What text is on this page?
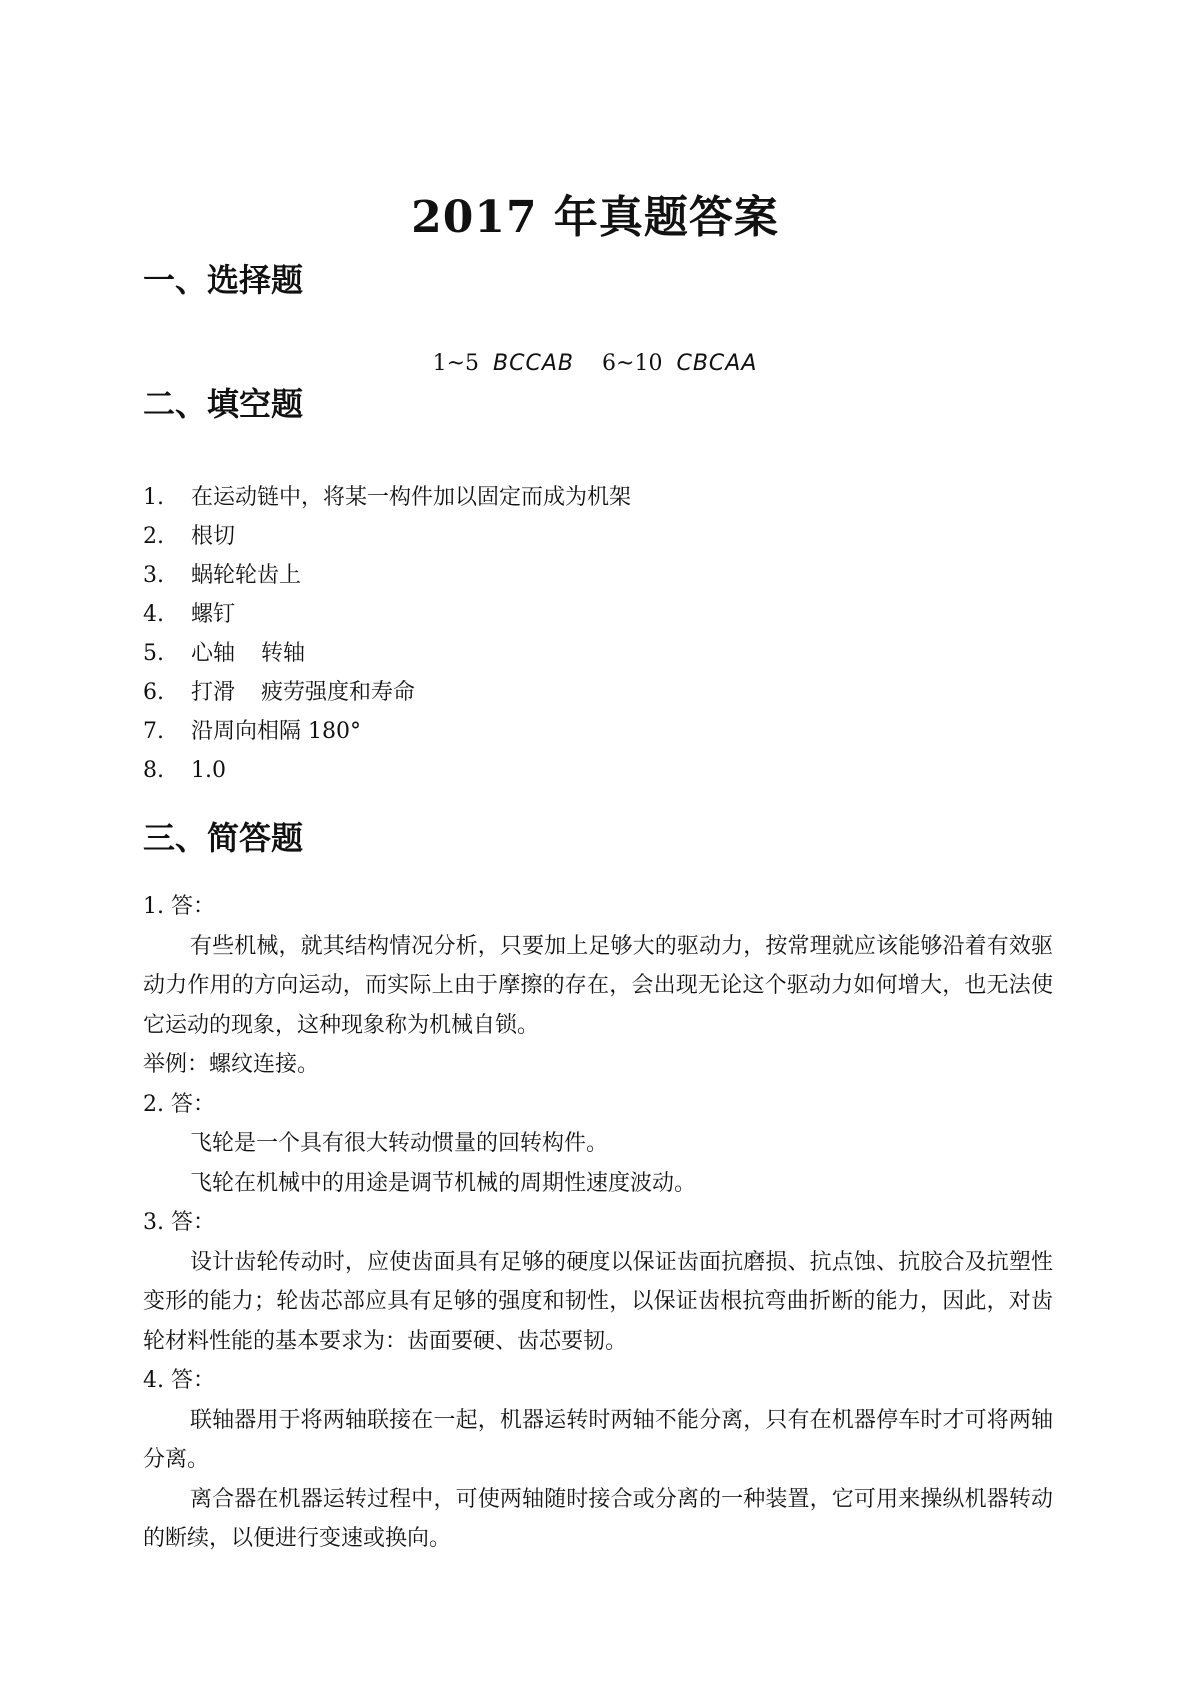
2017 年真题答案
一、选择题
1~5 BCCAB 6~10 CBCAA
二、填空题
1. 在运动链中，将某一构件加以固定而成为机架
2. 根切
3. 蜗轮轮齿上
4. 螺钉
5. 心轴 转轴
6. 打滑 疲劳强度和寿命
7. 沿周向相隔 180°
8. 1.0
三、简答题
1. 答：

有些机械，就其结构情况分析，只要加上足够大的驱动力，按常理就应该能够沿着有效驱动力作用的方向运动，而实际上由于摩擦的存在，会出现无论这个驱动力如何增大，也无法使它运动的现象，这种现象称为机械自锁。

举例：螺纹连接。

2. 答：

飞轮是一个具有很大转动惯量的回转构件。

飞轮在机械中的用途是调节机械的周期性速度波动。

3. 答：

设计齿轮传动时，应使齿面具有足够的硬度以保证齿面抗磨损、抗点蚀、抗胶合及抗塑性变形的能力；轮齿芯部应具有足够的强度和韧性，以保证齿根抗弯曲折断的能力，因此，对齿轮材料性能的基本要求为：齿面要硬、齿芯要韧。

4. 答：

联轴器用于将两轴联接在一起，机器运转时两轴不能分离，只有在机器停车时才可将两轴分离。

离合器在机器运转过程中，可使两轴随时接合或分离的一种装置，它可用来操纵机器转动的断续，以便进行变速或换向。
